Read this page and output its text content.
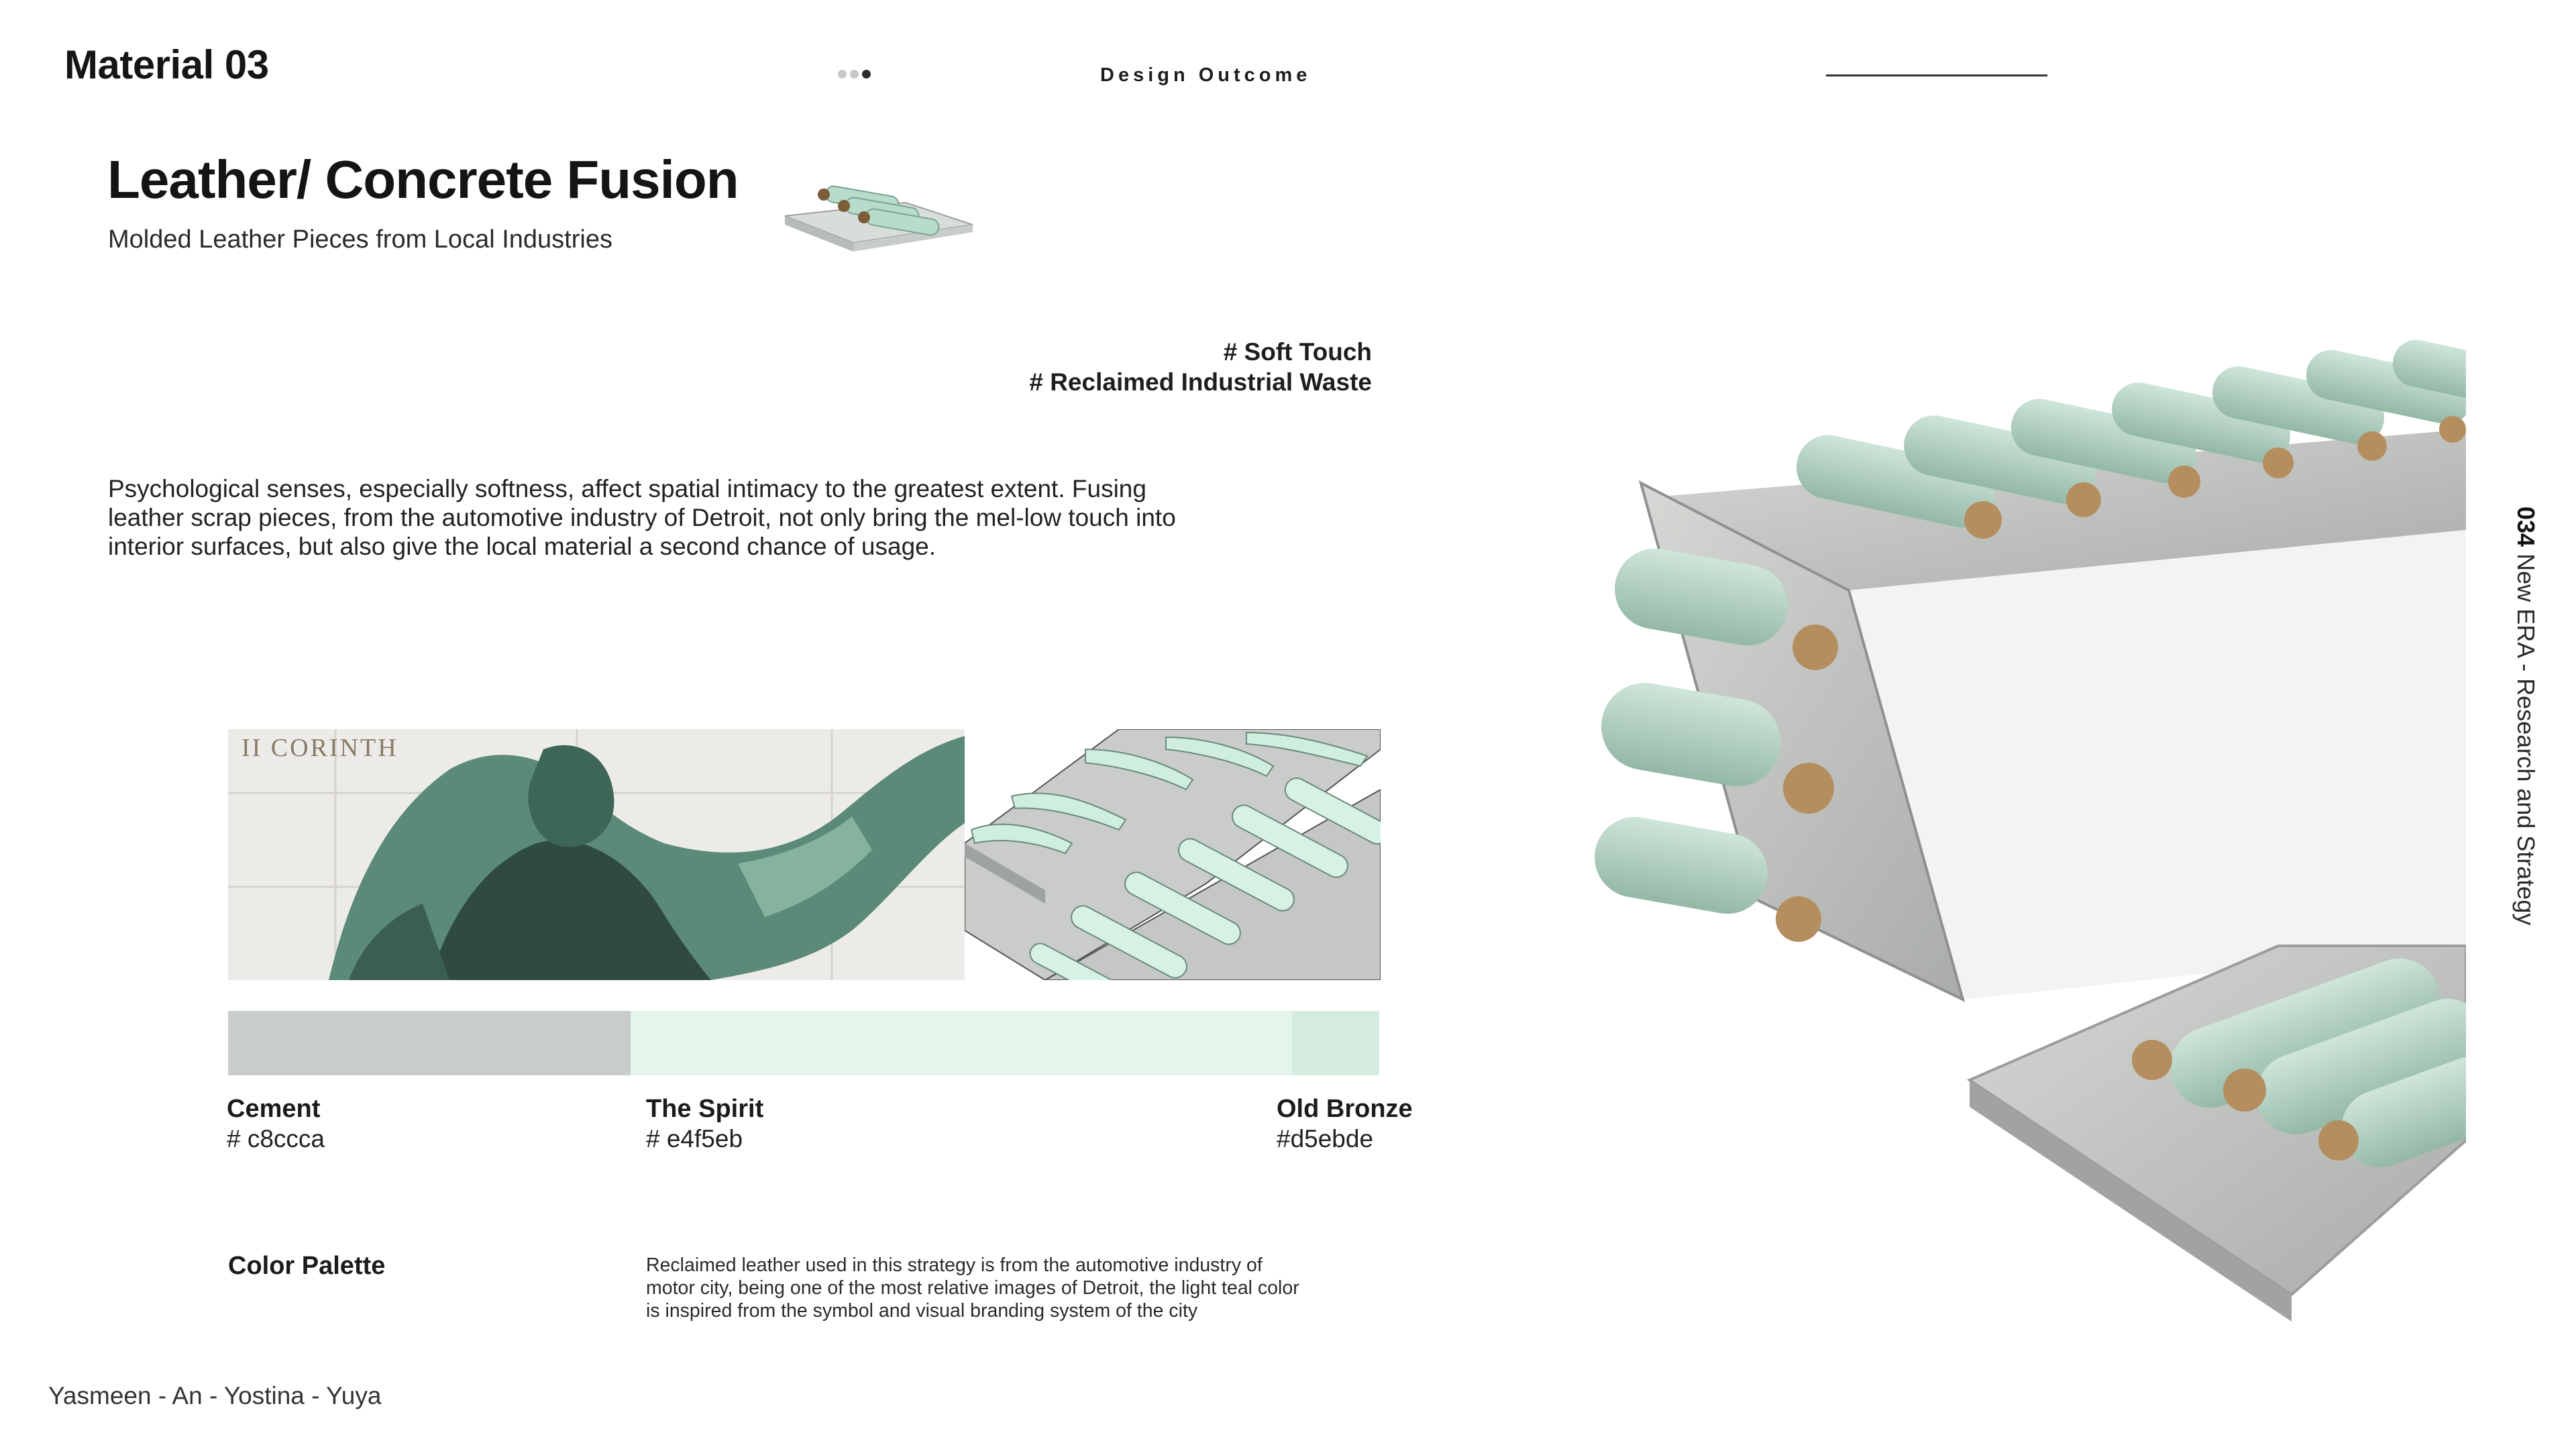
Material 03	Design Outcome
Leather/ Concrete Fusion
Molded Leather Pieces from Local Industries
# Soft Touch
# Reclaimed Industrial Waste
Psychological senses, especially softness, affect spatial intimacy to the greatest extent. Fusing leather scrap pieces, from the automotive industry of Detroit, not only bring the mel-low touch into interior surfaces, but also give the local material a second chance of usage.
II CORINTH
Cement
# c8ccca
The Spirit
# e4f5eb
Old Bronze
#d5ebde
Color Palette	Reclaimed leather used in this strategy is from the automotive industry of motor city, being one of the most relative images of Detroit, the light teal color is inspired from the symbol and visual branding system of the city
Yasmeen - An - Yostina - Yuya
034 New ERA - Research and Strategy
